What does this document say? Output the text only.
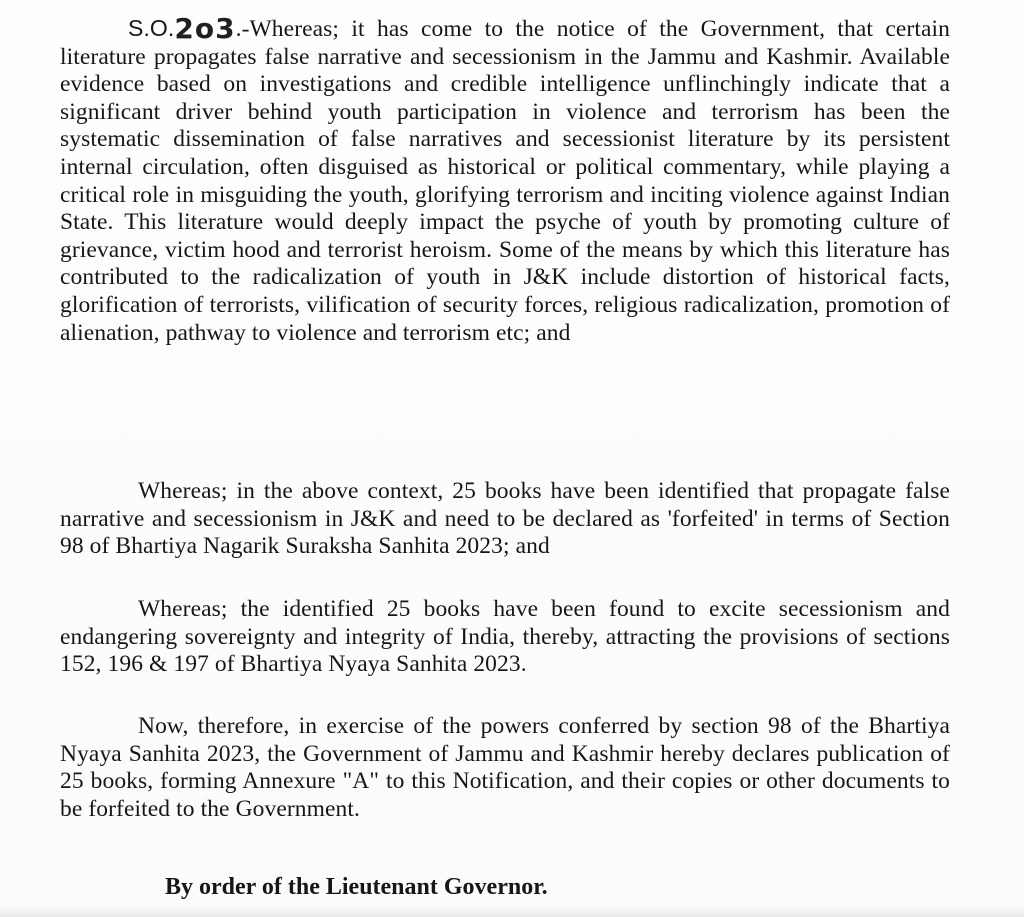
S.O.2o3.-Whereas; it has come to the notice of the Government, that certain literature propagates false narrative and secessionism in the Jammu and Kashmir. Available evidence based on investigations and credible intelligence unflinchingly indicate that a significant driver behind youth participation in violence and terrorism has been the systematic dissemination of false narratives and secessionist literature by its persistent internal circulation, often disguised as historical or political commentary, while playing a critical role in misguiding the youth, glorifying terrorism and inciting violence against Indian State. This literature would deeply impact the psyche of youth by promoting culture of grievance, victim hood and terrorist heroism. Some of the means by which this literature has contributed to the radicalization of youth in J&K include distortion of historical facts, glorification of terrorists, vilification of security forces, religious radicalization, promotion of alienation, pathway to violence and terrorism etc; and

Whereas; in the above context, 25 books have been identified that propagate false narrative and secessionism in J&K and need to be declared as 'forfeited' in terms of Section 98 of Bhartiya Nagarik Suraksha Sanhita 2023; and

Whereas; the identified 25 books have been found to excite secessionism and endangering sovereignty and integrity of India, thereby, attracting the provisions of sections 152, 196 & 197 of Bhartiya Nyaya Sanhita 2023.

Now, therefore, in exercise of the powers conferred by section 98 of the Bhartiya Nyaya Sanhita 2023, the Government of Jammu and Kashmir hereby declares publication of 25 books, forming Annexure "A" to this Notification, and their copies or other documents to be forfeited to the Government.

By order of the Lieutenant Governor.
